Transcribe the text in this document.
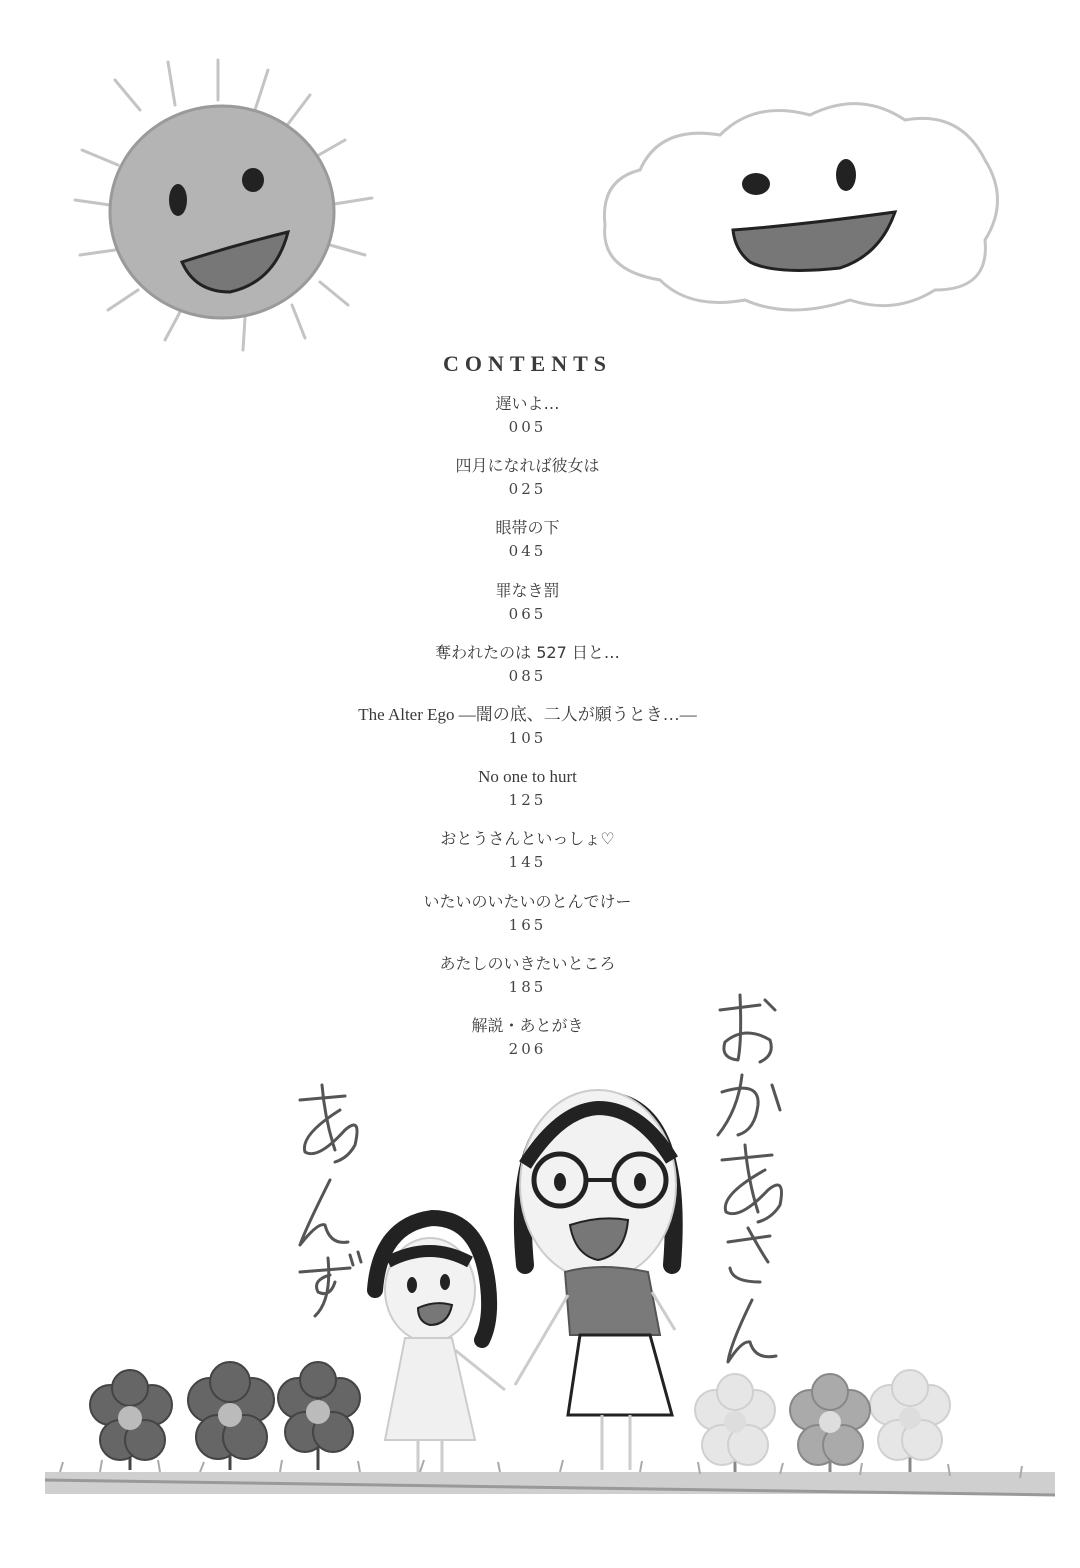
CONTENTS
遅いよ…
005
四月になれば彼女は
025
眼帯の下
045
罪なき罰
065
奪われたのは 527 日と…
085
The Alter Ego ―闇の底、二人が願うとき…―
105
No one to hurt
125
おとうさんといっしょ♡
145
いたいのいたいのとんでけー
165
あたしのいきたいところ
185
解説・あとがき
206
